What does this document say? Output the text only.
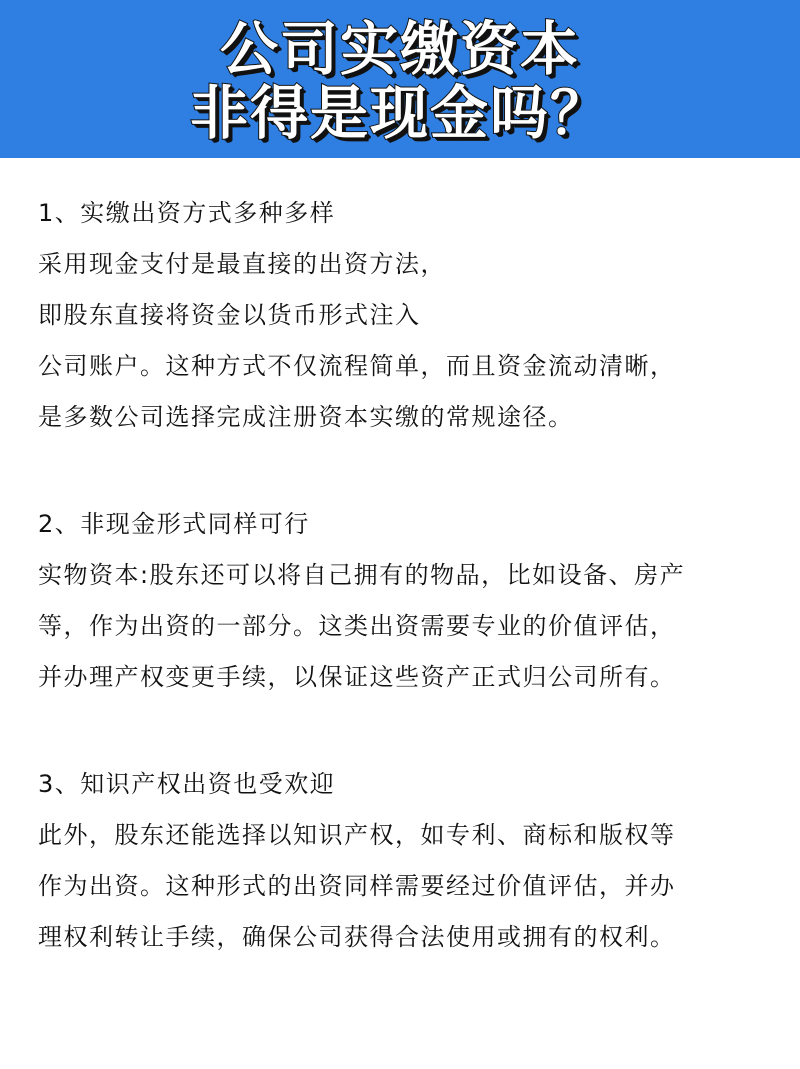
公司实缴资本
非得是现金吗？
1、实缴出资方式多种多样
采用现金支付是最直接的出资方法，
即股东直接将资金以货币形式注入
公司账户。这种方式不仅流程简单，而且资金流动清晰，
是多数公司选择完成注册资本实缴的常规途径。
2、非现金形式同样可行
实物资本:股东还可以将自己拥有的物品，比如设备、房产
等，作为出资的一部分。这类出资需要专业的价值评估，
并办理产权变更手续，以保证这些资产正式归公司所有。
3、知识产权出资也受欢迎
此外，股东还能选择以知识产权，如专利、商标和版权等
作为出资。这种形式的出资同样需要经过价值评估，并办
理权利转让手续，确保公司获得合法使用或拥有的权利。
